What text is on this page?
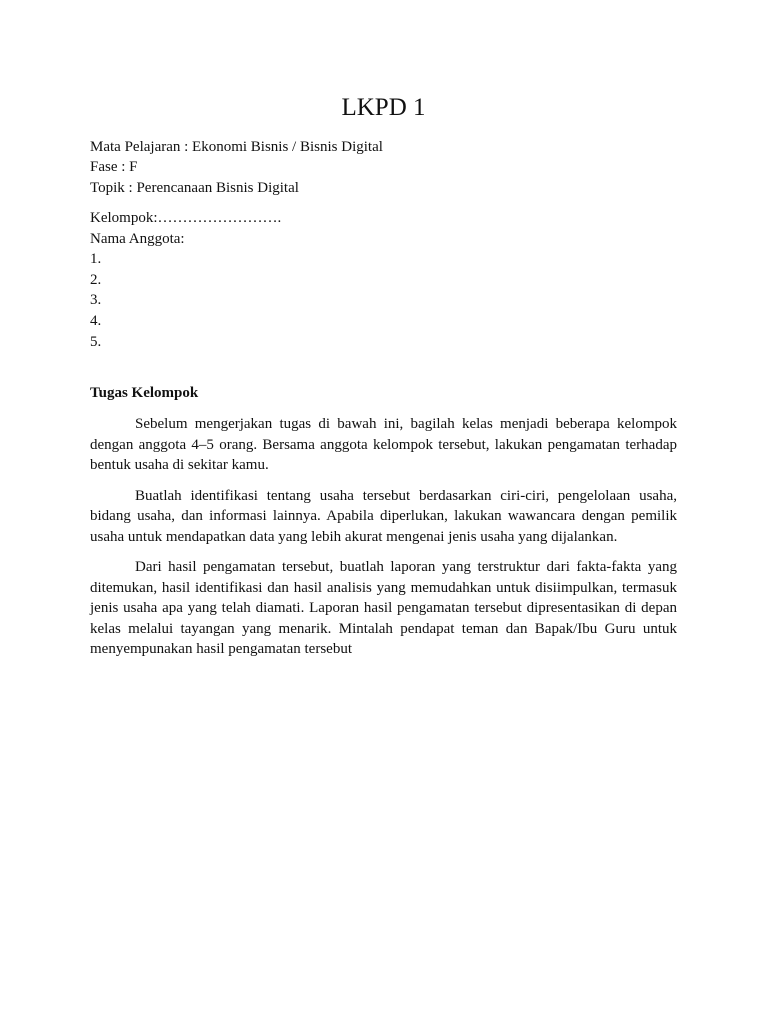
LKPD 1
Mata Pelajaran : Ekonomi Bisnis / Bisnis Digital
Fase : F
Topik : Perencanaan Bisnis Digital
Kelompok:…………………….
Nama Anggota:
1.
2.
3.
4.
5.
Tugas Kelompok

Sebelum mengerjakan tugas di bawah ini, bagilah kelas menjadi beberapa kelompok dengan anggota 4–5 orang. Bersama anggota kelompok tersebut, lakukan pengamatan terhadap bentuk usaha di sekitar kamu.

Buatlah identifikasi tentang usaha tersebut berdasarkan ciri-ciri, pengelolaan usaha, bidang usaha, dan informasi lainnya. Apabila diperlukan, lakukan wawancara dengan pemilik usaha untuk mendapatkan data yang lebih akurat mengenai jenis usaha yang dijalankan.

Dari hasil pengamatan tersebut, buatlah laporan yang terstruktur dari fakta-fakta yang ditemukan, hasil identifikasi dan hasil analisis yang memudahkan untuk disiimpulkan, termasuk jenis usaha apa yang telah diamati. Laporan hasil pengamatan tersebut dipresentasikan di depan kelas melalui tayangan yang menarik. Mintalah pendapat teman dan Bapak/Ibu Guru untuk menyempunakan hasil pengamatan tersebut
